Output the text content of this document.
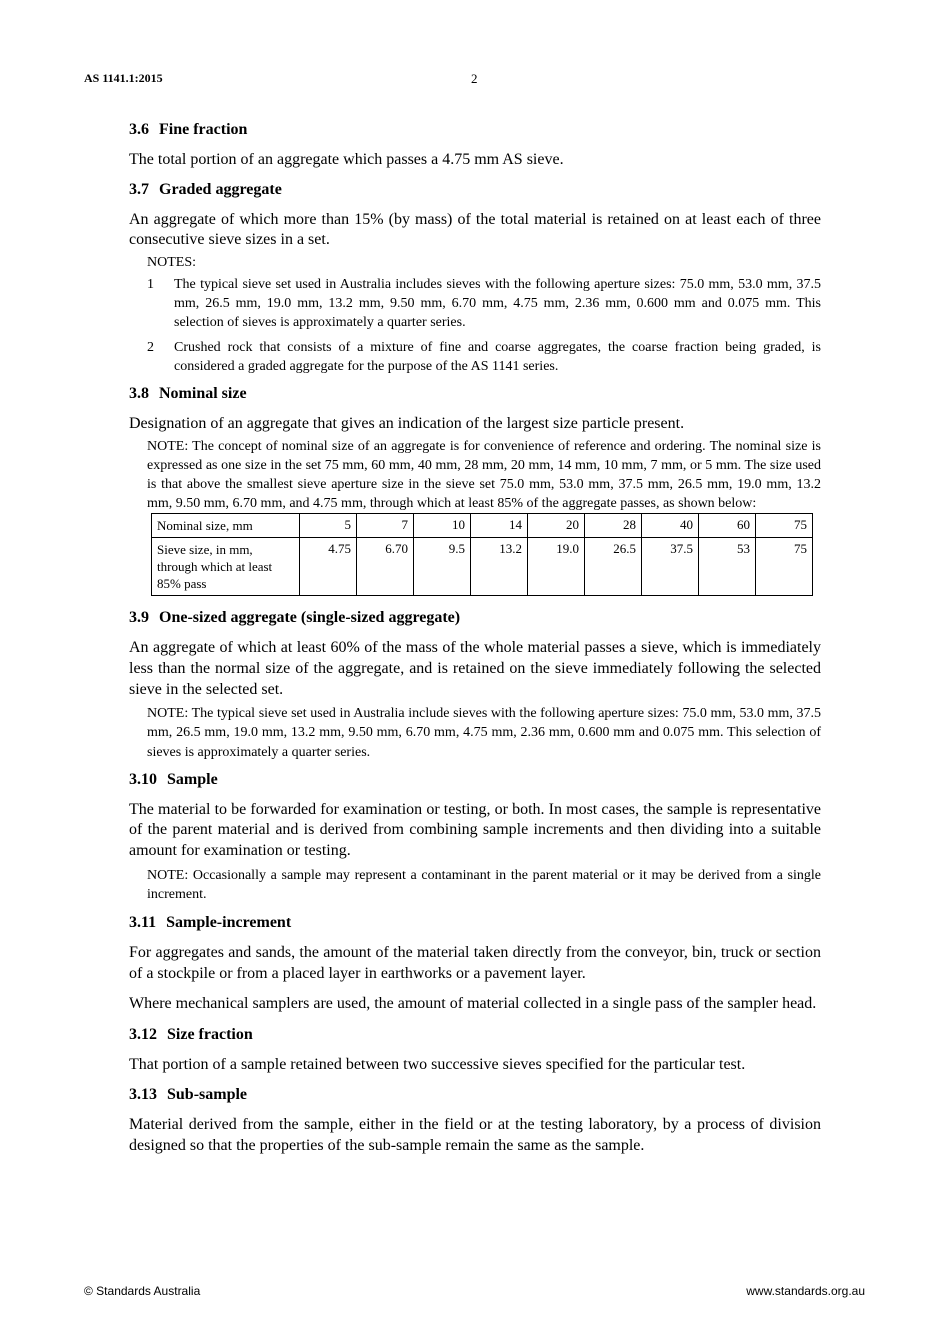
AS 1141.1:2015	2
3.6 Fine fraction

The total portion of an aggregate which passes a 4.75 mm AS sieve.

3.7 Graded aggregate

An aggregate of which more than 15% (by mass) of the total material is retained on at least each of three consecutive sieve sizes in a set.

NOTES:

1	The typical sieve set used in Australia includes sieves with the following aperture sizes: 75.0 mm, 53.0 mm, 37.5 mm, 26.5 mm, 19.0 mm, 13.2 mm, 9.50 mm, 6.70 mm, 4.75 mm, 2.36 mm, 0.600 mm and 0.075 mm. This selection of sieves is approximately a quarter series.
2	Crushed rock that consists of a mixture of fine and coarse aggregates, the coarse fraction being graded, is considered a graded aggregate for the purpose of the AS 1141 series.
3.8 Nominal size

Designation of an aggregate that gives an indication of the largest size particle present.

NOTE: The concept of nominal size of an aggregate is for convenience of reference and ordering. The nominal size is expressed as one size in the set 75 mm, 60 mm, 40 mm, 28 mm, 20 mm, 14 mm, 10 mm, 7 mm, or 5 mm. The size used is that above the smallest sieve aperture size in the sieve set 75.0 mm, 53.0 mm, 37.5 mm, 26.5 mm, 19.0 mm, 13.2 mm, 9.50 mm, 6.70 mm, and 4.75 mm, through which at least 85% of the aggregate passes, as shown below:

Nominal size, mm	5	7	10	14	20	28	40	60	75
Sieve size, in mm, through which at least 85% pass	4.75	6.70	9.5	13.2	19.0	26.5	37.5	53	75
3.9 One-sized aggregate (single-sized aggregate)

An aggregate of which at least 60% of the mass of the whole material passes a sieve, which is immediately less than the normal size of the aggregate, and is retained on the sieve immediately following the selected sieve in the selected set.

NOTE: The typical sieve set used in Australia include sieves with the following aperture sizes: 75.0 mm, 53.0 mm, 37.5 mm, 26.5 mm, 19.0 mm, 13.2 mm, 9.50 mm, 6.70 mm, 4.75 mm, 2.36 mm, 0.600 mm and 0.075 mm. This selection of sieves is approximately a quarter series.

3.10 Sample

The material to be forwarded for examination or testing, or both. In most cases, the sample is representative of the parent material and is derived from combining sample increments and then dividing into a suitable amount for examination or testing.

NOTE: Occasionally a sample may represent a contaminant in the parent material or it may be derived from a single increment.

3.11 Sample-increment

For aggregates and sands, the amount of the material taken directly from the conveyor, bin, truck or section of a stockpile or from a placed layer in earthworks or a pavement layer.

Where mechanical samplers are used, the amount of material collected in a single pass of the sampler head.

3.12 Size fraction

That portion of a sample retained between two successive sieves specified for the particular test.

3.13 Sub-sample

Material derived from the sample, either in the field or at the testing laboratory, by a process of division designed so that the properties of the sub-sample remain the same as the sample.

© Standards Australia	www.standards.org.au
